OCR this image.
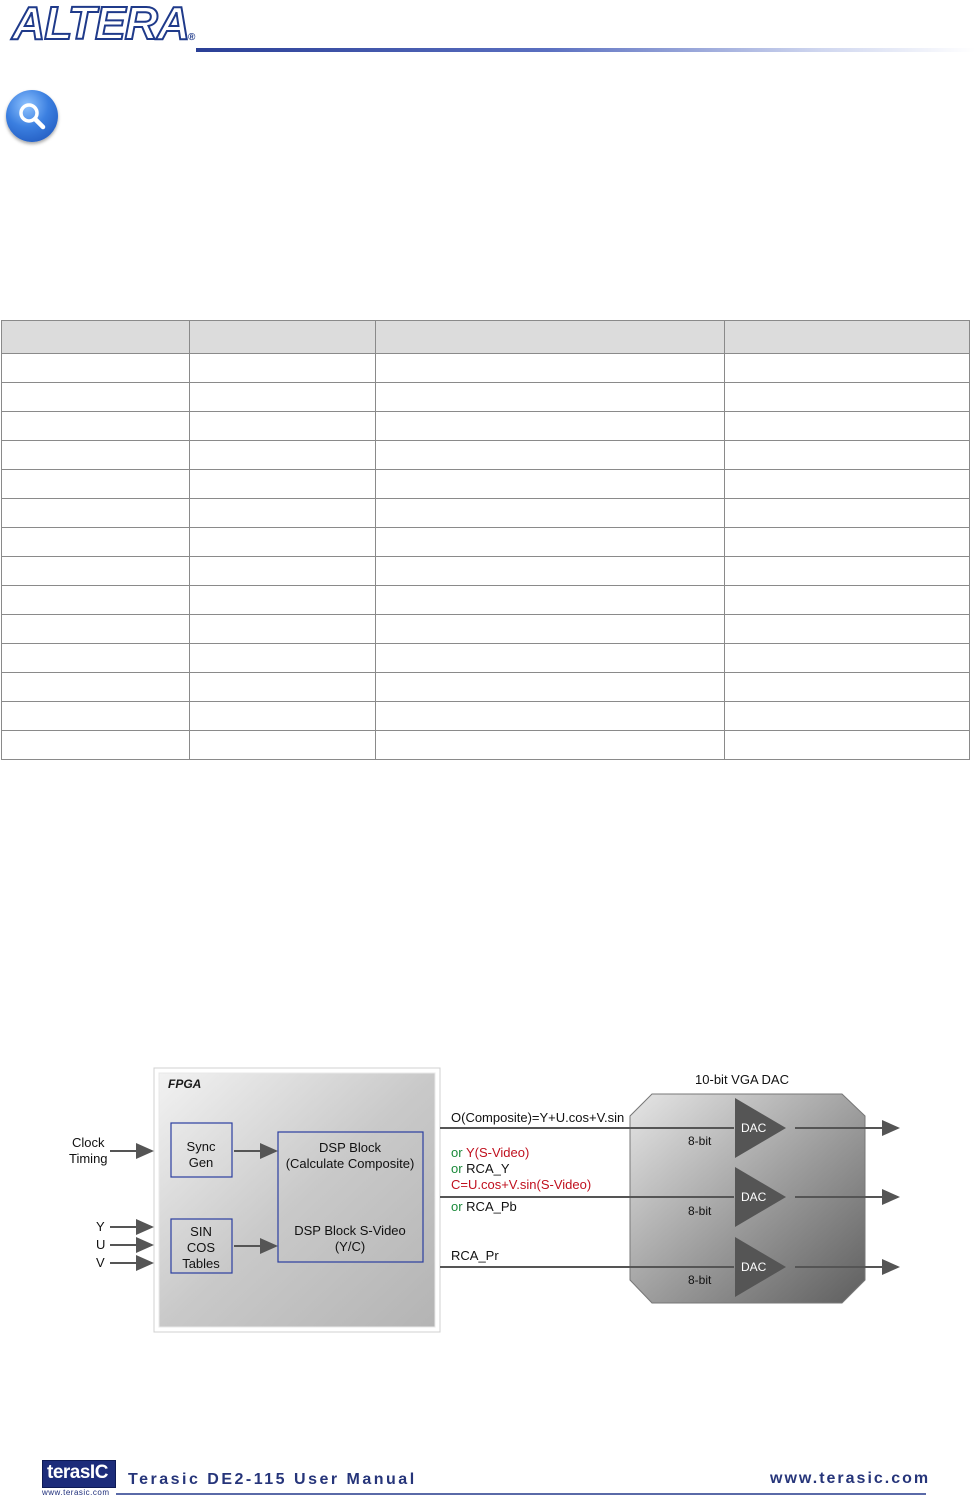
ALTERA
®

FPGA
Clock
Timing
Y
U
V
Sync
Gen
SIN
COS
Tables
DSP Block
(Calculate Composite)
DSP Block S-Video
(Y/C)
10-bit VGA DAC
O(Composite)=Y+U.cos+V.sin
or Y(S-Video)
or RCA_Y
C=U.cos+V.sin(S-Video)
or RCA_Pb
RCA_Pr
DAC
8-bit
DAC
8-bit
DAC
8-bit
terasIC
www.terasic.com
Terasic DE2-115 User Manual	www.terasic.com
